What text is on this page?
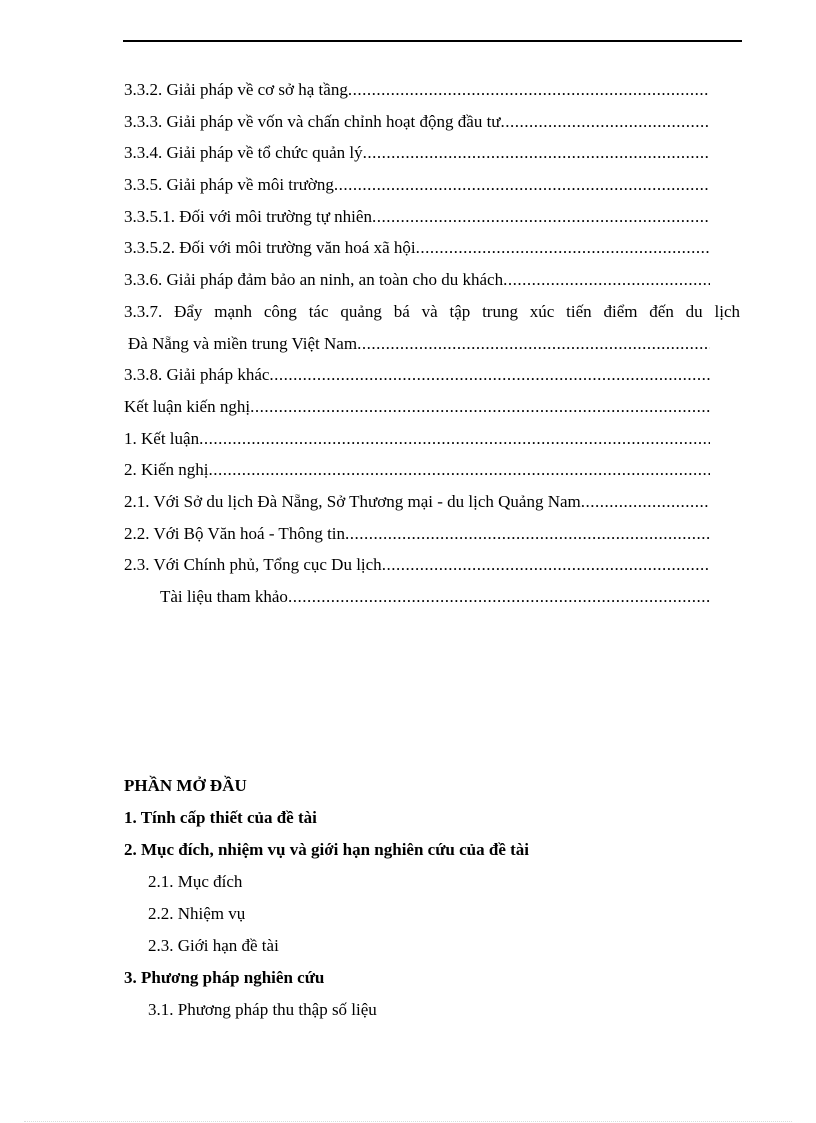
3.3.2. Giải pháp về cơ sở hạ tầng
.....
3.3.3. Giải pháp về vốn và chấn chỉnh hoạt động đầu tư
.....
3.3.4. Giải pháp về tổ chức quản lý
.....
3.3.5. Giải pháp về môi trường
.....
3.3.5.1. Đối với môi trường tự nhiên
.....
3.3.5.2. Đối với môi trường văn hoá xã hội
.....
3.3.6. Giải pháp đảm bảo an ninh, an toàn cho du khách
.....
3.3.7. Đẩy mạnh công tác quảng bá và tập trung xúc tiến điểm đến du lịch
Đà Nẵng và miền trung Việt Nam
.....
3.3.8. Giải pháp khác
.....
Kết luận kiến nghị
.....
1. Kết luận
.....
2. Kiến nghị
.....
2.1. Với Sở du lịch Đà Nẵng, Sở Thương mại - du lịch Quảng Nam
.....
2.2. Với Bộ Văn hoá - Thông tin
.....
2.3. Với Chính phủ, Tổng cục Du lịch
.....
Tài liệu tham khảo
.....
PHẦN MỞ ĐẦU
1. Tính cấp thiết của đề tài
2. Mục đích, nhiệm vụ và giới hạn nghiên cứu của đề tài
2.1. Mục đích
2.2. Nhiệm vụ
2.3. Giới hạn đề tài
3. Phương pháp nghiên cứu
3.1. Phương pháp thu thập số liệu
